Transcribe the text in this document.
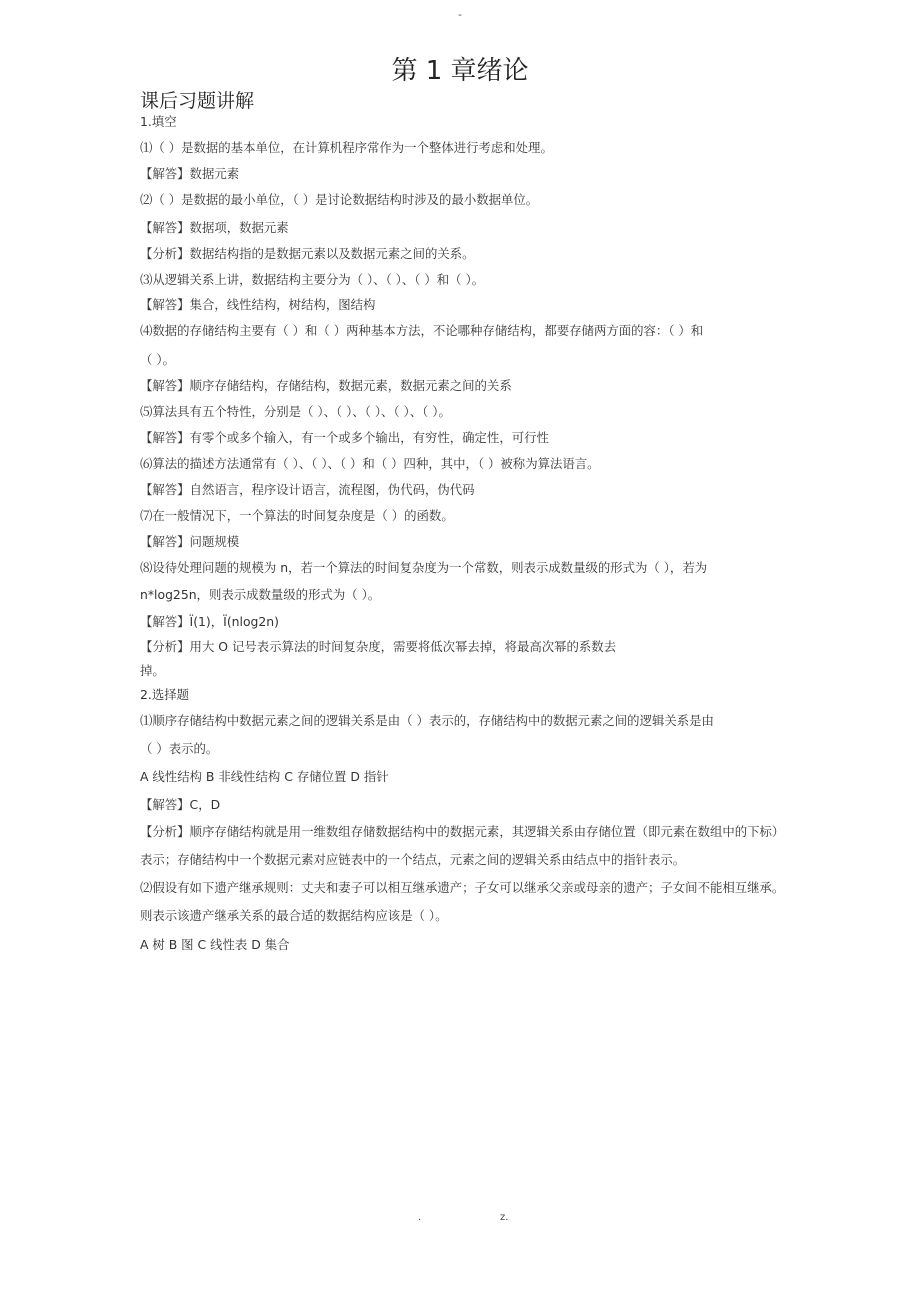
-
第 1 章绪论
课后习题讲解

1.填空

⑴（ ）是数据的基本单位，在计算机程序常作为一个整体进行考虑和处理。

【解答】数据元素

⑵（ ）是数据的最小单位，（ ）是讨论数据结构时涉及的最小数据单位。

【解答】数据项，数据元素

【分析】数据结构指的是数据元素以及数据元素之间的关系。

⑶从逻辑关系上讲，数据结构主要分为（ ）、（ ）、（ ）和（ ）。

【解答】集合，线性结构，树结构，图结构

⑷数据的存储结构主要有（ ）和（ ）两种基本方法，不论哪种存储结构，都要存储两方面的容：（ ）和

（ ）。

【解答】顺序存储结构，存储结构，数据元素，数据元素之间的关系

⑸算法具有五个特性，分别是（ ）、（ ）、（ ）、（ ）、（ ）。

【解答】有零个或多个输入，有一个或多个输出，有穷性，确定性，可行性

⑹算法的描述方法通常有（ ）、（ ）、（ ）和（ ）四种，其中，（ ）被称为算法语言。

【解答】自然语言，程序设计语言，流程图，伪代码，伪代码

⑺在一般情况下，一个算法的时间复杂度是（ ）的函数。

【解答】问题规模

⑻设待处理问题的规模为 n，若一个算法的时间复杂度为一个常数，则表示成数量级的形式为（ ），若为

n*log25n，则表示成数量级的形式为（ ）。

【解答】Ï(1)，Ï(nlog2n)

【分析】用大 O 记号表示算法的时间复杂度，需要将低次幂去掉，将最高次幂的系数去

掉。

2.选择题

⑴顺序存储结构中数据元素之间的逻辑关系是由（ ）表示的，存储结构中的数据元素之间的逻辑关系是由

（ ）表示的。

A 线性结构 B 非线性结构 C 存储位置 D 指针

【解答】C，D

【分析】顺序存储结构就是用一维数组存储数据结构中的数据元素，其逻辑关系由存储位置（即元素在数组中的下标）表示；存储结构中一个数据元素对应链表中的一个结点，元素之间的逻辑关系由结点中的指针表示。
⑵假设有如下遗产继承规则：丈夫和妻子可以相互继承遗产；子女可以继承父亲或母亲的遗产；子女间不能相互继承。则表示该遗产继承关系的最合适的数据结构应该是（ ）。

A 树 B 图 C 线性表 D 集合

.	z.
